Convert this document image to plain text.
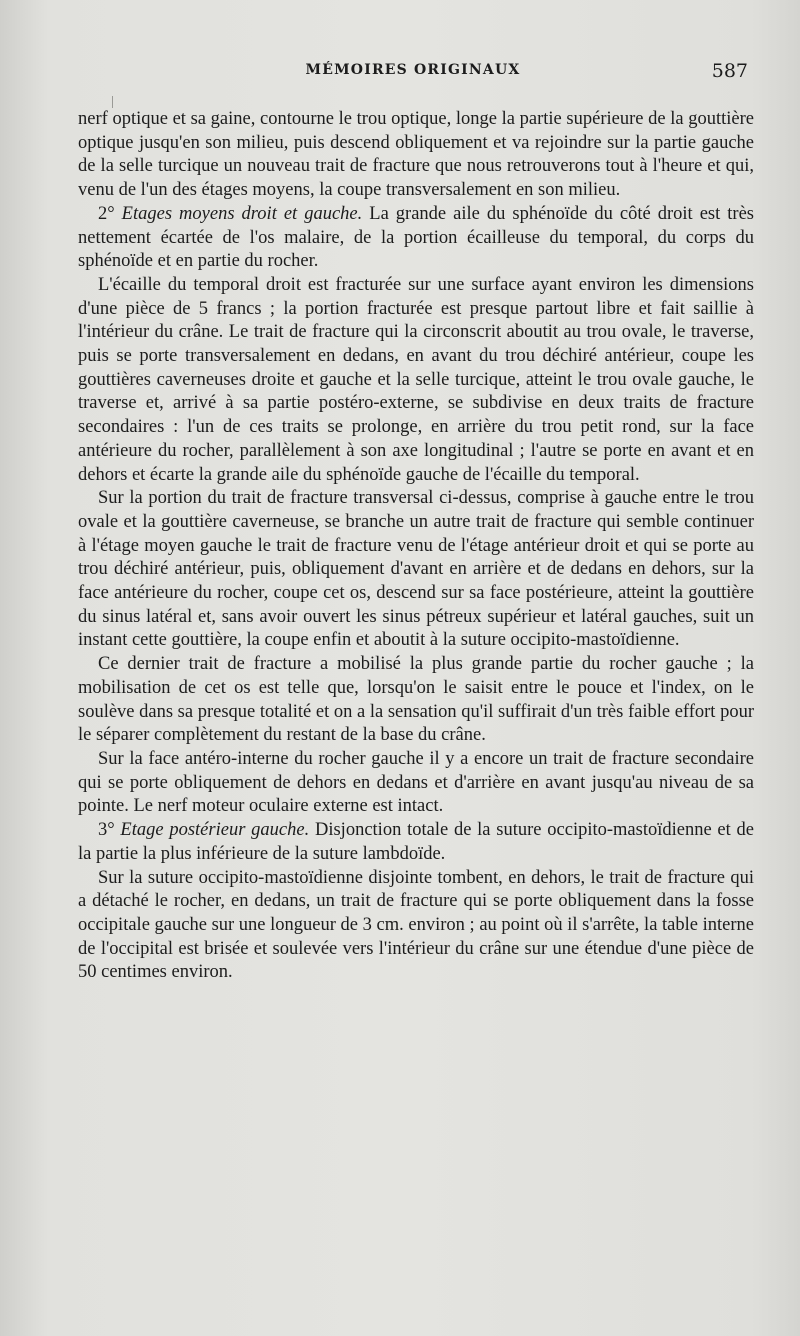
MÉMOIRES ORIGINAUX	587

nerf optique et sa gaine, contourne le trou optique, longe la partie supérieure de la gouttière optique jusqu'en son milieu, puis descend obliquement et va rejoindre sur la partie gauche de la selle turcique un nouveau trait de fracture que nous retrouverons tout à l'heure et qui, venu de l'un des étages moyens, la coupe transversalement en son milieu.

2° Etages moyens droit et gauche. La grande aile du sphénoïde du côté droit est très nettement écartée de l'os malaire, de la portion écailleuse du temporal, du corps du sphénoïde et en partie du rocher.

L'écaille du temporal droit est fracturée sur une surface ayant environ les dimensions d'une pièce de 5 francs ; la portion fracturée est presque partout libre et fait saillie à l'intérieur du crâne. Le trait de fracture qui la circonscrit aboutit au trou ovale, le traverse, puis se porte transversalement en dedans, en avant du trou déchiré antérieur, coupe les gouttières caverneuses droite et gauche et la selle turcique, atteint le trou ovale gauche, le traverse et, arrivé à sa partie postéro-externe, se subdivise en deux traits de fracture secondaires : l'un de ces traits se prolonge, en arrière du trou petit rond, sur la face antérieure du rocher, parallèlement à son axe longitudinal ; l'autre se porte en avant et en dehors et écarte la grande aile du sphénoïde gauche de l'écaille du temporal.

Sur la portion du trait de fracture transversal ci-dessus, comprise à gauche entre le trou ovale et la gouttière caverneuse, se branche un autre trait de fracture qui semble continuer à l'étage moyen gauche le trait de fracture venu de l'étage antérieur droit et qui se porte au trou déchiré antérieur, puis, obliquement d'avant en arrière et de dedans en dehors, sur la face antérieure du rocher, coupe cet os, descend sur sa face postérieure, atteint la gouttière du sinus latéral et, sans avoir ouvert les sinus pétreux supérieur et latéral gauches, suit un instant cette gouttière, la coupe enfin et aboutit à la suture occipito-mastoïdienne.

Ce dernier trait de fracture a mobilisé la plus grande partie du rocher gauche ; la mobilisation de cet os est telle que, lorsqu'on le saisit entre le pouce et l'index, on le soulève dans sa presque totalité et on a la sensation qu'il suffirait d'un très faible effort pour le séparer complètement du restant de la base du crâne.

Sur la face antéro-interne du rocher gauche il y a encore un trait de fracture secondaire qui se porte obliquement de dehors en dedans et d'arrière en avant jusqu'au niveau de sa pointe. Le nerf moteur oculaire externe est intact.

3° Etage postérieur gauche. Disjonction totale de la suture occipito-mastoïdienne et de la partie la plus inférieure de la suture lambdoïde.

Sur la suture occipito-mastoïdienne disjointe tombent, en dehors, le trait de fracture qui a détaché le rocher, en dedans, un trait de fracture qui se porte obliquement dans la fosse occipitale gauche sur une longueur de 3 cm. environ ; au point où il s'arrête, la table interne de l'occipital est brisée et soulevée vers l'intérieur du crâne sur une étendue d'une pièce de 50 centimes environ.
